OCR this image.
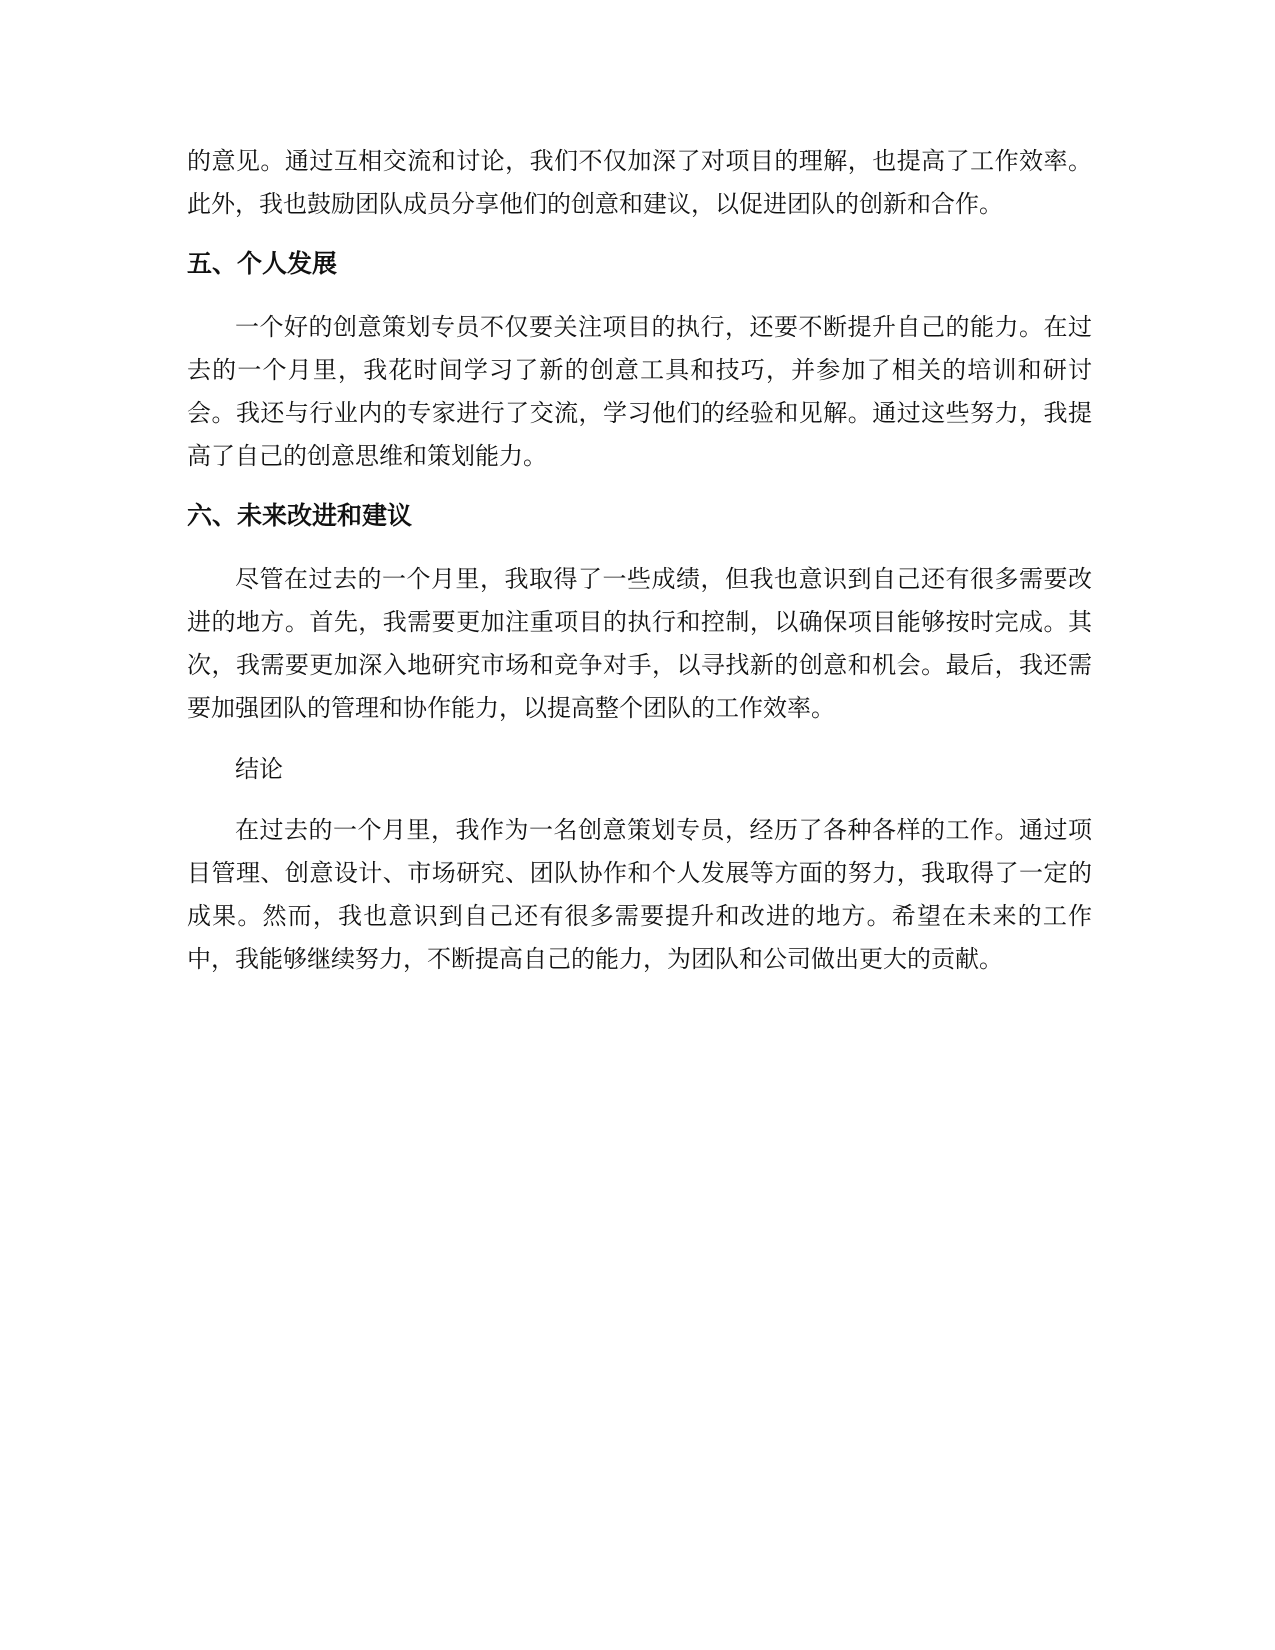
的意见。通过互相交流和讨论，我们不仅加深了对项目的理解，也提高了工作效率。此外，我也鼓励团队成员分享他们的创意和建议，以促进团队的创新和合作。

五、个人发展

一个好的创意策划专员不仅要关注项目的执行，还要不断提升自己的能力。在过去的一个月里，我花时间学习了新的创意工具和技巧，并参加了相关的培训和研讨会。我还与行业内的专家进行了交流，学习他们的经验和见解。通过这些努力，我提高了自己的创意思维和策划能力。

六、未来改进和建议

尽管在过去的一个月里，我取得了一些成绩，但我也意识到自己还有很多需要改进的地方。首先，我需要更加注重项目的执行和控制，以确保项目能够按时完成。其次，我需要更加深入地研究市场和竞争对手，以寻找新的创意和机会。最后，我还需要加强团队的管理和协作能力，以提高整个团队的工作效率。

结论

在过去的一个月里，我作为一名创意策划专员，经历了各种各样的工作。通过项目管理、创意设计、市场研究、团队协作和个人发展等方面的努力，我取得了一定的成果。然而，我也意识到自己还有很多需要提升和改进的地方。希望在未来的工作中，我能够继续努力，不断提高自己的能力，为团队和公司做出更大的贡献。
